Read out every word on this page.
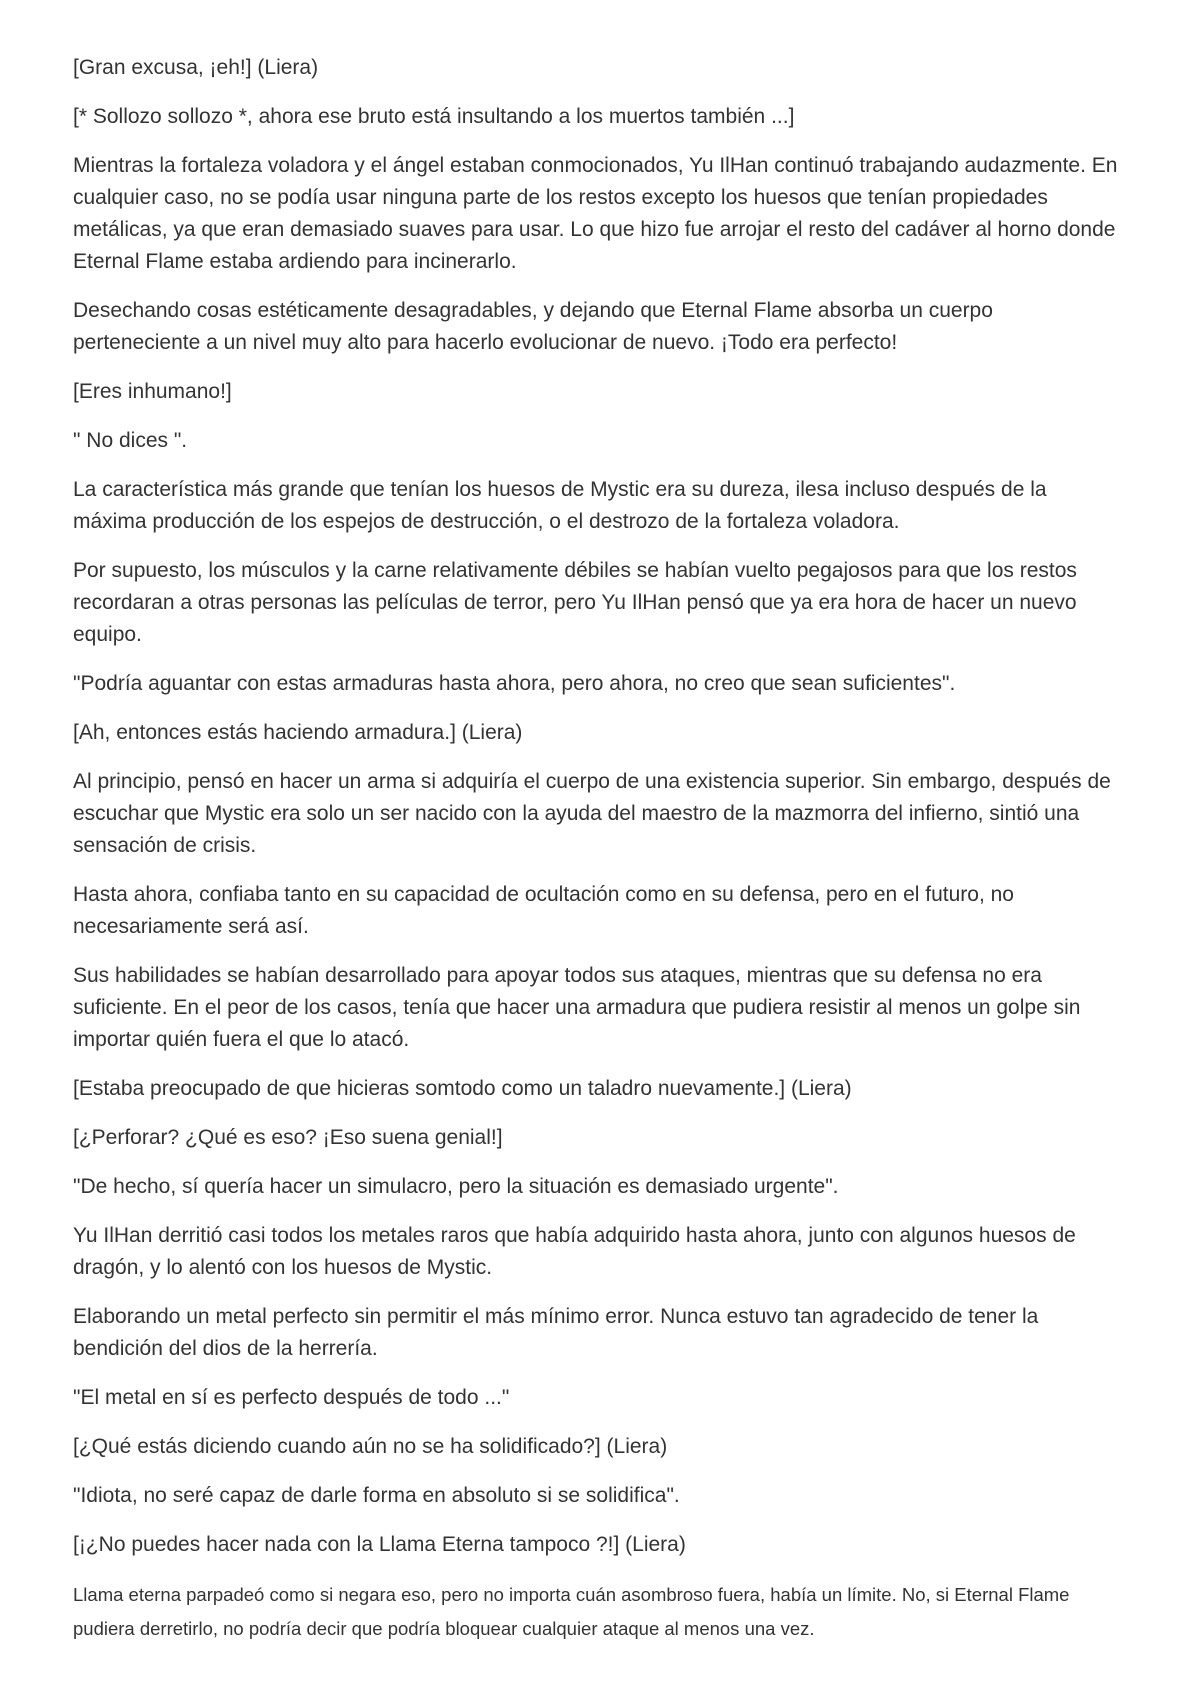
[Gran excusa, ¡eh!] (Liera)

[* Sollozo sollozo *, ahora ese bruto está insultando a los muertos también ...]

Mientras la fortaleza voladora y el ángel estaban conmocionados, Yu IlHan continuó trabajando audazmente. En cualquier caso, no se podía usar ninguna parte de los restos excepto los huesos que tenían propiedades metálicas, ya que eran demasiado suaves para usar. Lo que hizo fue arrojar el resto del cadáver al horno donde Eternal Flame estaba ardiendo para incinerarlo.

Desechando cosas estéticamente desagradables, y dejando que Eternal Flame absorba un cuerpo perteneciente a un nivel muy alto para hacerlo evolucionar de nuevo. ¡Todo era perfecto!

[Eres inhumano!]

" No dices ".

La característica más grande que tenían los huesos de Mystic era su dureza, ilesa incluso después de la máxima producción de los espejos de destrucción, o el destrozo de la fortaleza voladora.

Por supuesto, los músculos y la carne relativamente débiles se habían vuelto pegajosos para que los restos recordaran a otras personas las películas de terror, pero Yu IlHan pensó que ya era hora de hacer un nuevo equipo.

"Podría aguantar con estas armaduras hasta ahora, pero ahora, no creo que sean suficientes".

[Ah, entonces estás haciendo armadura.] (Liera)

Al principio, pensó en hacer un arma si adquiría el cuerpo de una existencia superior. Sin embargo, después de escuchar que Mystic era solo un ser nacido con la ayuda del maestro de la mazmorra del infierno, sintió una sensación de crisis.

Hasta ahora, confiaba tanto en su capacidad de ocultación como en su defensa, pero en el futuro, no necesariamente será así.

Sus habilidades se habían desarrollado para apoyar todos sus ataques, mientras que su defensa no era suficiente. En el peor de los casos, tenía que hacer una armadura que pudiera resistir al menos un golpe sin importar quién fuera el que lo atacó.

[Estaba preocupado de que hicieras somtodo como un taladro nuevamente.] (Liera)

[¿Perforar? ¿Qué es eso? ¡Eso suena genial!]

"De hecho, sí quería hacer un simulacro, pero la situación es demasiado urgente".

Yu IlHan derritió casi todos los metales raros que había adquirido hasta ahora, junto con algunos huesos de dragón, y lo alentó con los huesos de Mystic.

Elaborando un metal perfecto sin permitir el más mínimo error. Nunca estuvo tan agradecido de tener la bendición del dios de la herrería.

"El metal en sí es perfecto después de todo ..."

[¿Qué estás diciendo cuando aún no se ha solidificado?] (Liera)

"Idiota, no seré capaz de darle forma en absoluto si se solidifica".

[¡¿No puedes hacer nada con la Llama Eterna tampoco ?!] (Liera)

Llama eterna parpadeó como si negara eso, pero no importa cuán asombroso fuera, había un límite. No, si Eternal Flame pudiera derretirlo, no podría decir que podría bloquear cualquier ataque al menos una vez.
